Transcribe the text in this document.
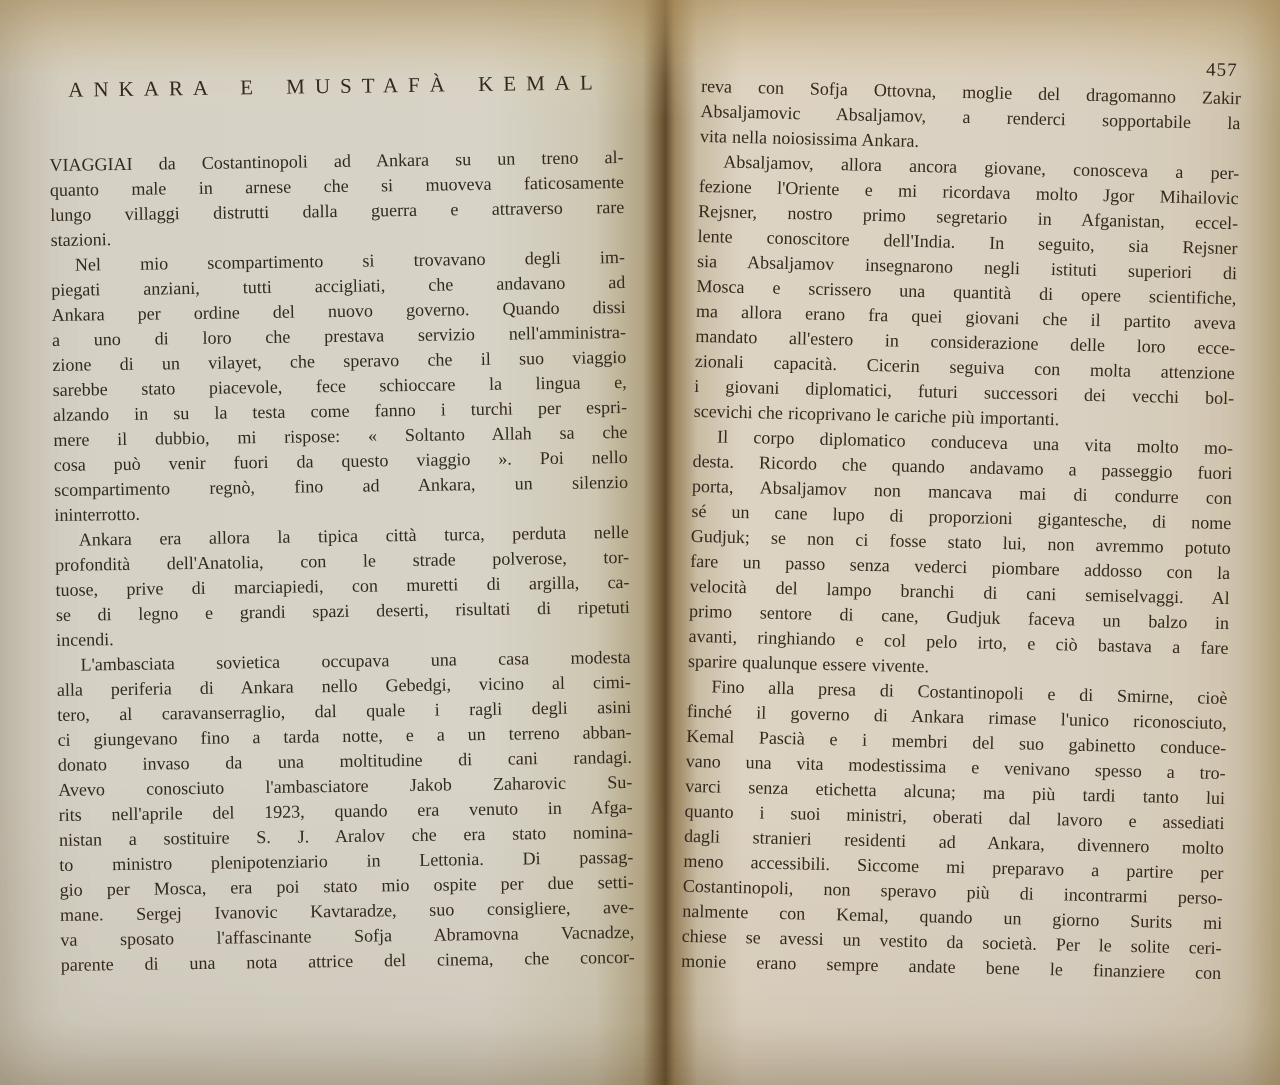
ANKARA E MUSTAFÀ KEMAL
VIAGGIAI da Costantinopoli ad Ankara su un treno al-
quanto male in arnese che si muoveva faticosamente
lungo villaggi distrutti dalla guerra e attraverso rare
stazioni.
Nel mio scompartimento si trovavano degli im-
piegati anziani, tutti accigliati, che andavano ad
Ankara per ordine del nuovo governo. Quando dissi
a uno di loro che prestava servizio nell'amministra-
zione di un vilayet, che speravo che il suo viaggio
sarebbe stato piacevole, fece schioccare la lingua e,
alzando in su la testa come fanno i turchi per espri-
mere il dubbio, mi rispose: « Soltanto Allah sa che
cosa può venir fuori da questo viaggio ». Poi nello
scompartimento regnò, fino ad Ankara, un silenzio
ininterrotto.
Ankara era allora la tipica città turca, perduta nelle
profondità dell'Anatolia, con le strade polverose, tor-
tuose, prive di marciapiedi, con muretti di argilla, ca-
se di legno e grandi spazi deserti, risultati di ripetuti
incendi.
L'ambasciata sovietica occupava una casa modesta
alla periferia di Ankara nello Gebedgi, vicino al cimi-
tero, al caravanserraglio, dal quale i ragli degli asini
ci giungevano fino a tarda notte, e a un terreno abban-
donato invaso da una moltitudine di cani randagi.
Avevo conosciuto l'ambasciatore Jakob Zaharovic Su-
rits nell'aprile del 1923, quando era venuto in Afga-
nistan a sostituire S. J. Aralov che era stato nomina-
to ministro plenipotenziario in Lettonia. Di passag-
gio per Mosca, era poi stato mio ospite per due setti-
mane. Sergej Ivanovic Kavtaradze, suo consigliere, ave-
va sposato l'affascinante Sofja Abramovna Vacnadze,
parente di una nota attrice del cinema, che concor-
457
reva con Sofja Ottovna, moglie del dragomanno Zakir
Absaljamovic Absaljamov, a renderci sopportabile la
vita nella noiosissima Ankara.
Absaljamov, allora ancora giovane, conosceva a per-
fezione l'Oriente e mi ricordava molto Jgor Mihailovic
Rejsner, nostro primo segretario in Afganistan, eccel-
lente conoscitore dell'India. In seguito, sia Rejsner
sia Absaljamov insegnarono negli istituti superiori di
Mosca e scrissero una quantità di opere scientifiche,
ma allora erano fra quei giovani che il partito aveva
mandato all'estero in considerazione delle loro ecce-
zionali capacità. Cicerin seguiva con molta attenzione
i giovani diplomatici, futuri successori dei vecchi bol-
scevichi che ricoprivano le cariche più importanti.
Il corpo diplomatico conduceva una vita molto mo-
desta. Ricordo che quando andavamo a passeggio fuori
porta, Absaljamov non mancava mai di condurre con
sé un cane lupo di proporzioni gigantesche, di nome
Gudjuk; se non ci fosse stato lui, non avremmo potuto
fare un passo senza vederci piombare addosso con la
velocità del lampo branchi di cani semiselvaggi. Al
primo sentore di cane, Gudjuk faceva un balzo in
avanti, ringhiando e col pelo irto, e ciò bastava a fare
sparire qualunque essere vivente.
Fino alla presa di Costantinopoli e di Smirne, cioè
finché il governo di Ankara rimase l'unico riconosciuto,
Kemal Pascià e i membri del suo gabinetto conduce-
vano una vita modestissima e venivano spesso a tro-
varci senza etichetta alcuna; ma più tardi tanto lui
quanto i suoi ministri, oberati dal lavoro e assediati
dagli stranieri residenti ad Ankara, divennero molto
meno accessibili. Siccome mi preparavo a partire per
Costantinopoli, non speravo più di incontrarmi perso-
nalmente con Kemal, quando un giorno Surits mi
chiese se avessi un vestito da società. Per le solite ceri-
monie erano sempre andate bene le finanziere con
